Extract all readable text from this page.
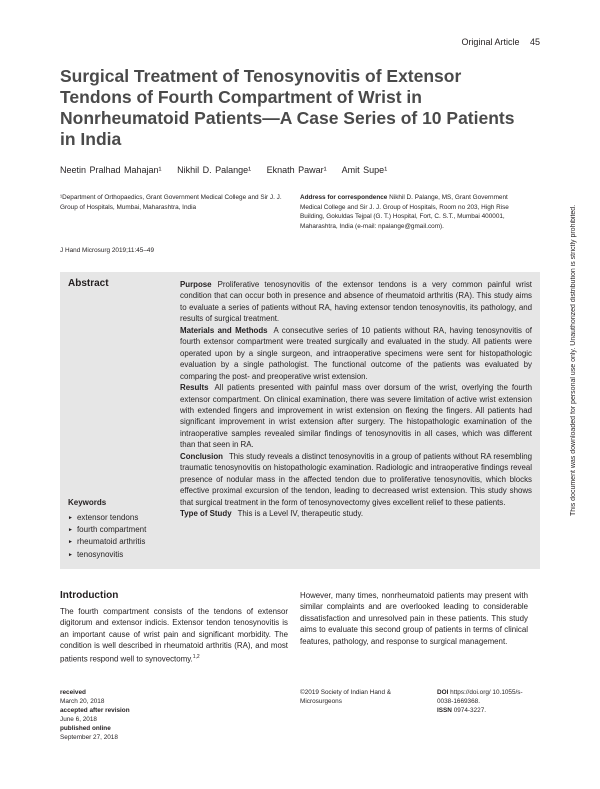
Original Article 45
Surgical Treatment of Tenosynovitis of Extensor Tendons of Fourth Compartment of Wrist in Nonrheumatoid Patients—A Case Series of 10 Patients in India
Neetin Pralhad Mahajan¹ Nikhil D. Palange¹ Eknath Pawar¹ Amit Supe¹
¹Department of Orthopaedics, Grant Government Medical College and Sir J. J. Group of Hospitals, Mumbai, Maharashtra, India
Address for correspondence Nikhil D. Palange, MS, Grant Government Medical College and Sir J. J. Group of Hospitals, Room no 203, High Rise Building, Gokuldas Tejpal (G. T.) Hospital, Fort, C. S.T., Mumbai 400001, Maharashtra, India (e-mail: npalange@gmail.com).
J Hand Microsurg 2019;11:45–49
Abstract	Purpose Proliferative tenosynovitis of the extensor tendons is a very common painful wrist condition that can occur both in presence and absence of rheumatoid arthritis (RA). This study aims to evaluate a series of patients without RA, having extensor tendon tenosynovitis, its pathology, and results of surgical treatment.
Materials and Methods A consecutive series of 10 patients without RA, having tenosynovitis of fourth extensor compartment were treated surgically and evaluated in the study. All patients were operated upon by a single surgeon, and intraoperative specimens were sent for histopathologic evaluation by a single pathologist. The functional outcome of the patients was evaluated by comparing the post- and preoperative wrist extension.
Results All patients presented with painful mass over dorsum of the wrist, overlying the fourth extensor compartment. On clinical examination, there was severe limitation of active wrist extension with extended fingers and improvement in wrist extension on flexing the fingers. All patients had significant improvement in wrist extension after surgery. The histopathologic examination of the intraoperative samples revealed similar findings of tenosynovitis in all cases, which was different than that seen in RA.
Conclusion This study reveals a distinct tenosynovitis in a group of patients without RA resembling traumatic tenosynovitis on histopathologic examination. Radiologic and intraoperative findings reveal presence of nodular mass in the affected tendon due to proliferative tenosynovitis, which blocks effective proximal excursion of the tendon, leading to decreased wrist extension. This study shows that surgical treatment in the form of tenosynovectomy gives excellent relief to these patients.
Type of Study This is a Level IV, therapeutic study.
Keywords
► extensor tendons
► fourth compartment
► rheumatoid arthritis
► tenosynovitis
This document was downloaded for personal use only. Unauthorized distribution is strictly prohibited.
Introduction
The fourth compartment consists of the tendons of extensor digitorum and extensor indicis. Extensor tendon tenosynovitis is an important cause of wrist pain and significant morbidity. The condition is well described in rheumatoid arthritis (RA), and most patients respond well to synovectomy.$^{1,2}$
However, many times, nonrheumatoid patients may present with similar complaints and are overlooked leading to considerable dissatisfaction and unresolved pain in these patients. This study aims to evaluate this second group of patients in terms of clinical features, pathology, and response to surgical management.
received
March 20, 2018
accepted after revision
June 6, 2018
published online
September 27, 2018
©2019 Society of Indian Hand & Microsurgeons
DOI https://doi.org/ 10.1055/s-0038-1669368.
ISSN 0974-3227.
